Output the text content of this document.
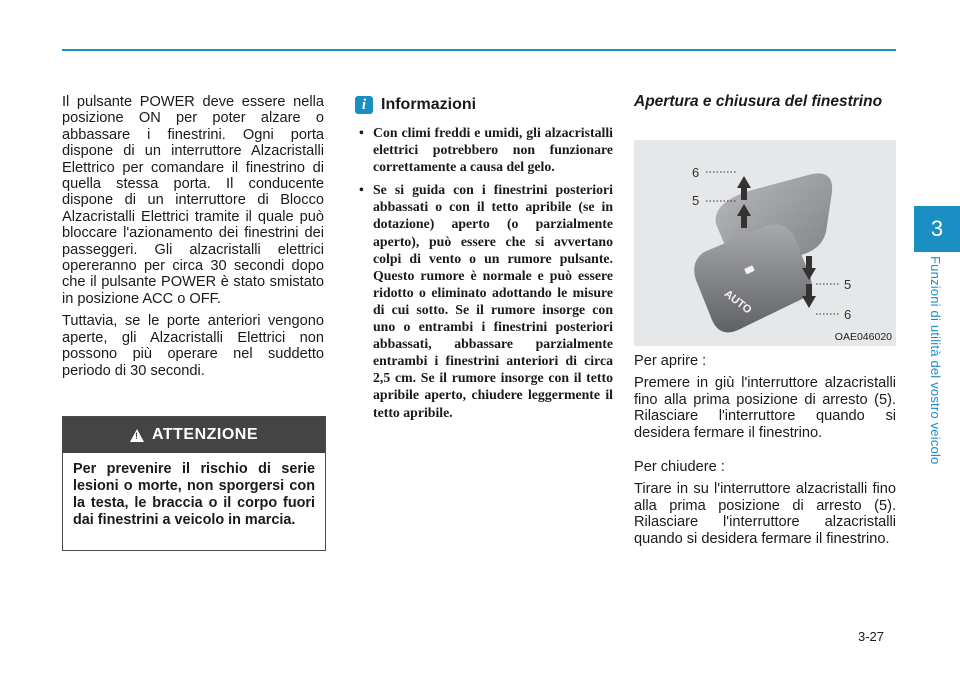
3
Funzioni di utilità del vostro veicolo

Il pulsante POWER deve essere nella posizione ON per poter alzare o abbassare i finestrini. Ogni porta dispone di un interruttore Alzacristalli Elettrico per comandare il finestrino di quella stessa porta. Il conducente dispone di un interruttore di Blocco Alzacristalli Elettrici tramite il quale può bloccare l'azionamento dei finestrini dei passeggeri. Gli alzacristalli elettrici opereranno per circa 30 secondi dopo che il pulsante POWER è stato smistato in posizione ACC o OFF.

Tuttavia, se le porte anteriori vengono aperte, gli Alzacristalli Elettrici non possono più operare nel suddetto periodo di 30 secondi.

!
ATTENZIONE
Per prevenire il rischio di serie lesioni o morte, non sporgersi con la testa, le braccia o il corpo fuori dai finestrini a veicolo in marcia.
i Informazioni
• Con climi freddi e umidi, gli alzacristalli elettrici potrebbero non funzionare correttamente a causa del gelo.
• Se si guida con i finestrini posteriori abbassati o con il tetto apribile (se in dotazione) aperto (o parzialmente aperto), può essere che si avvertano colpi di vento o un rumore pulsante. Questo rumore è normale e può essere ridotto o eliminato adottando le misure di cui sotto. Se il rumore insorge con uno o entrambi i finestrini posteriori abbassati, abbassare parzialmente entrambi i finestrini anteriori di circa 2,5 cm. Se il rumore insorge con il tetto apribile aperto, chiudere leggermente il tetto apribile.
Apertura e chiusura del finestrino
AUTO
6
5
5
6
OAE046020

Per aprire :

Premere in giù l'interruttore alzacristalli fino alla prima posizione di arresto (5). Rilasciare l'interruttore quando si desidera fermare il finestrino.

Per chiudere :

Tirare in su l'interruttore alzacristalli fino alla prima posizione di arresto (5). Rilasciare l'interruttore alzacristalli quando si desidera fermare il finestrino.

3-27
